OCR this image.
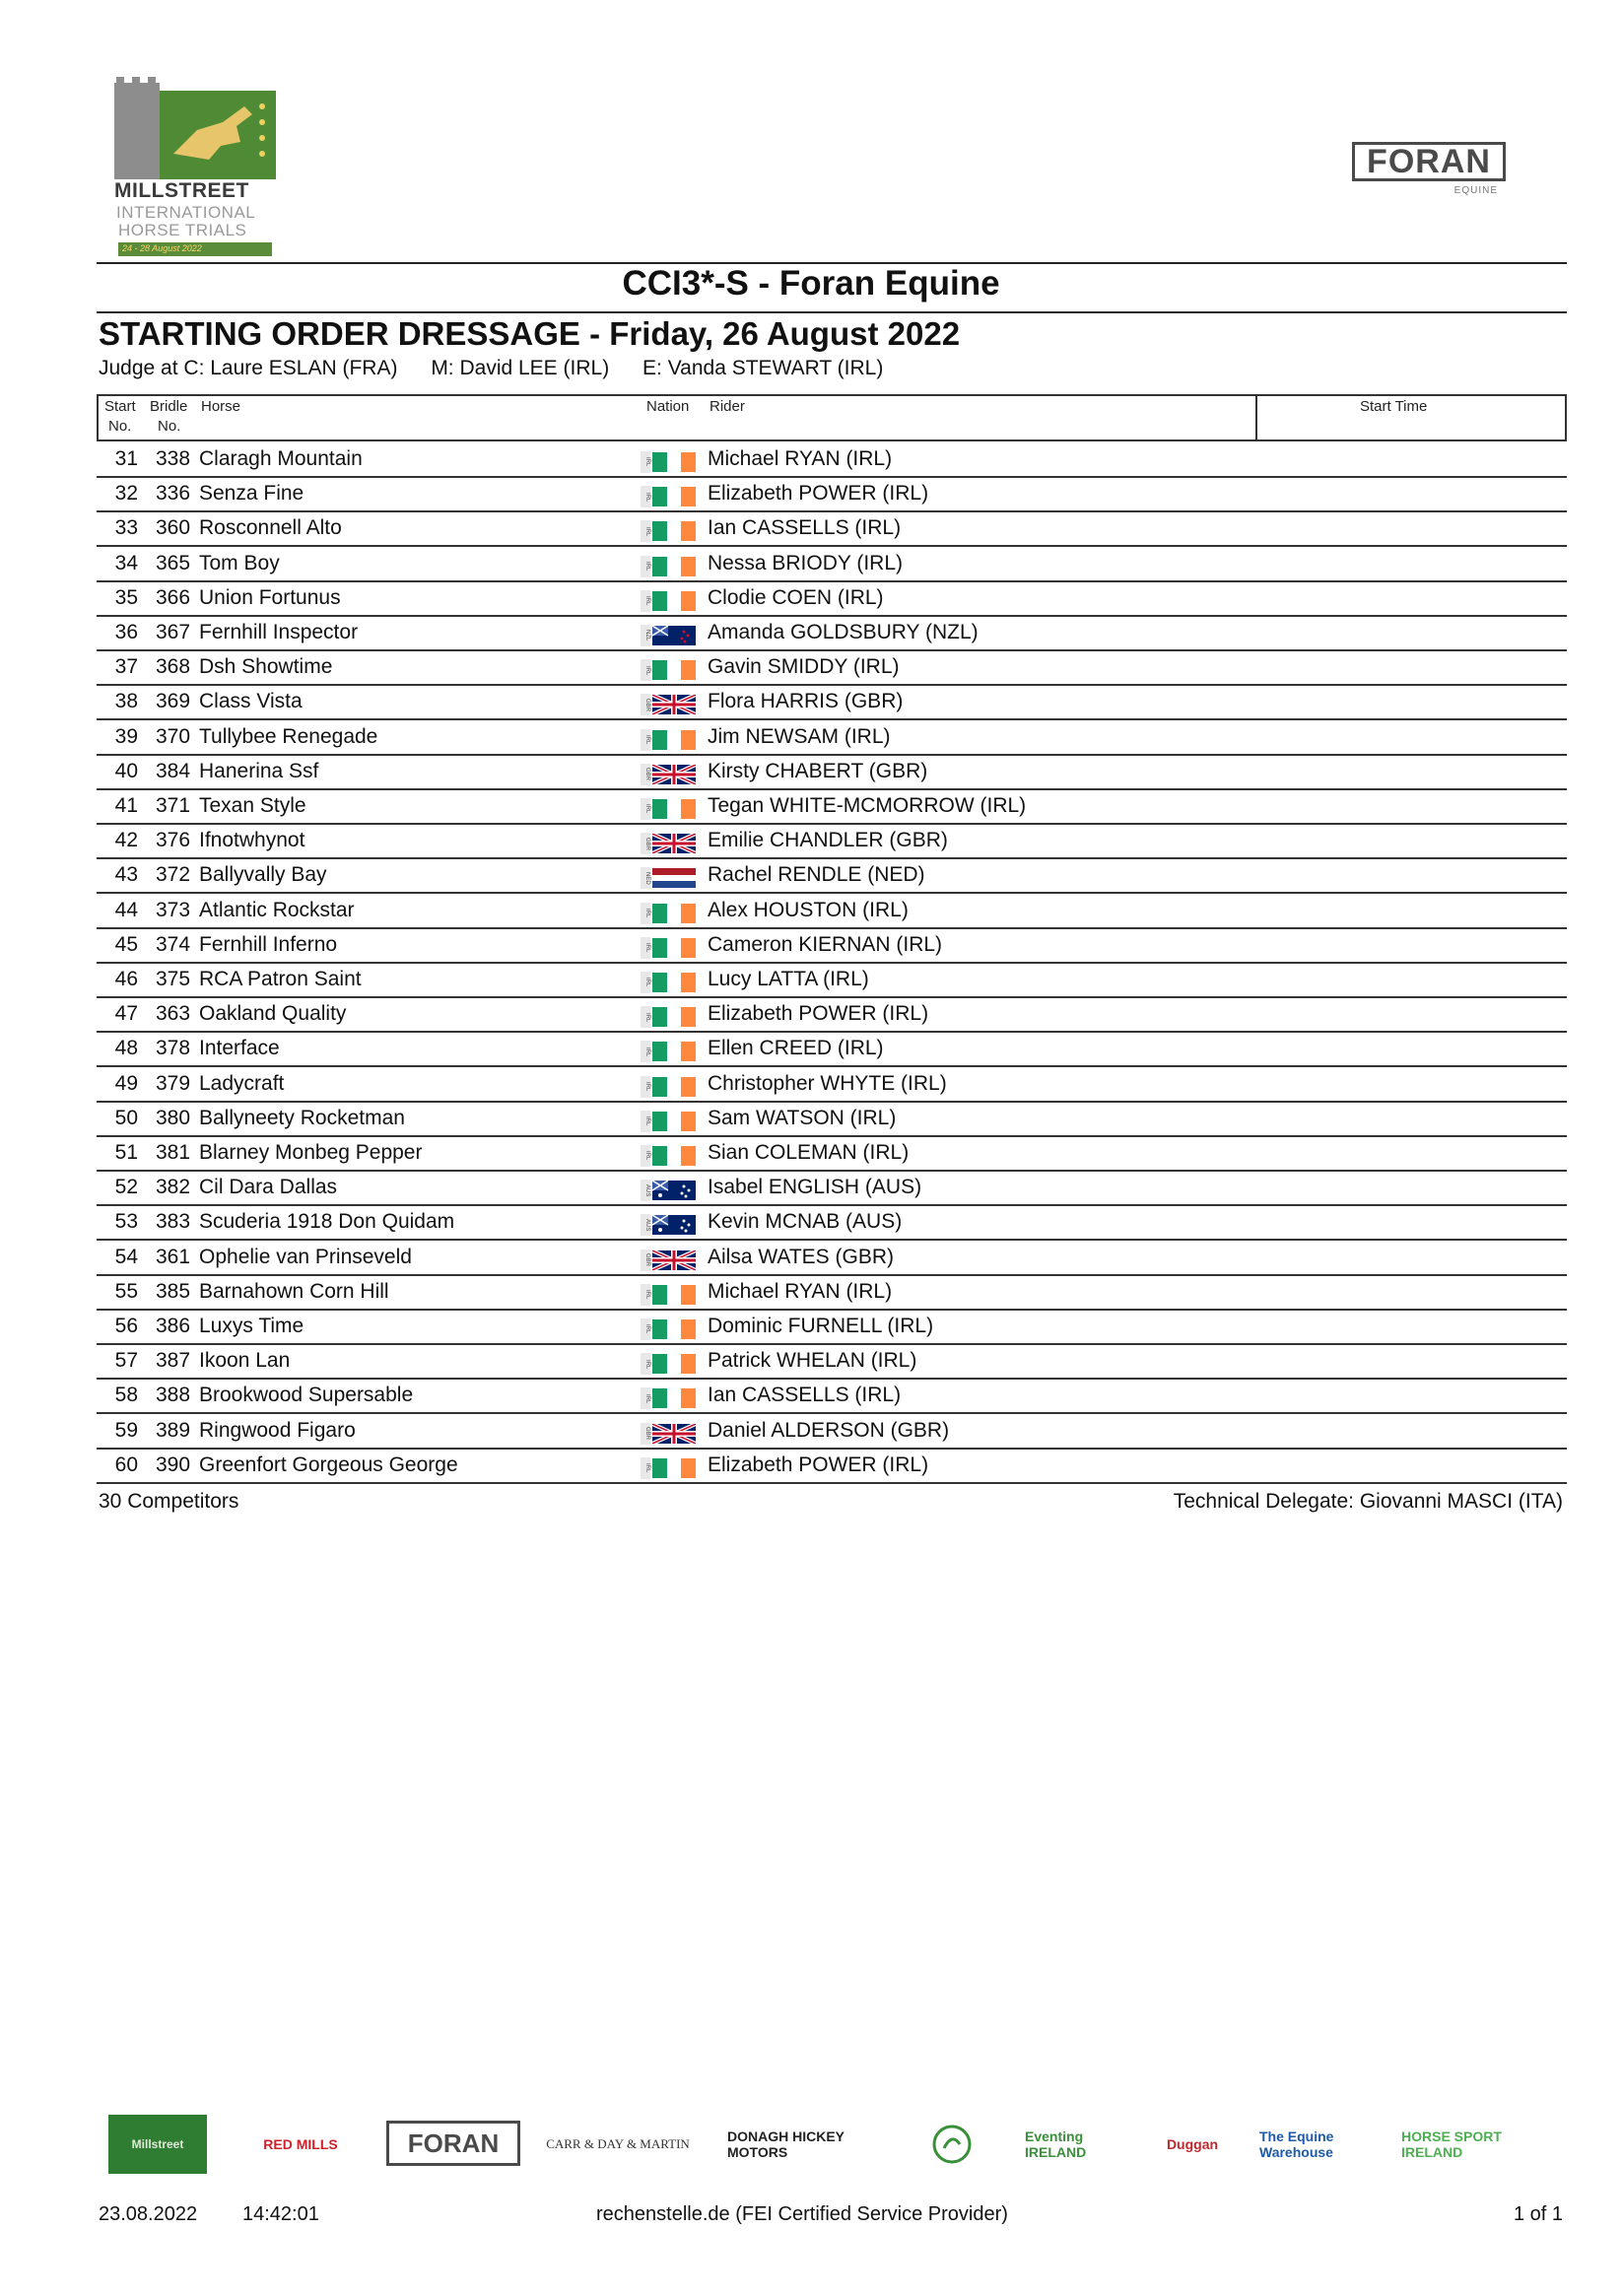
MILLSTREET
INTERNATIONAL
HORSE TRIALS
24 - 28 August 2022
FORAN
EQUINE
CCI3*-S - Foran Equine
STARTING ORDER DRESSAGE - Friday, 26 August 2022
Judge at C: Laure ESLAN (FRA) M: David LEE (IRL) E: Vanda STEWART (IRL)
Start
No.
Bridle
No.
Horse	Nation Rider	Start Time
31 338 Claragh Mountain	IRL	Michael RYAN (IRL)
32 336 Senza Fine	IRL	Elizabeth POWER (IRL)
33 360 Rosconnell Alto	IRL	Ian CASSELLS (IRL)
34 365 Tom Boy	IRL	Nessa BRIODY (IRL)
35 366 Union Fortunus	IRL	Clodie COEN (IRL)
36 367 Fernhill Inspector	NZL	Amanda GOLDSBURY (NZL)
37 368 Dsh Showtime	IRL	Gavin SMIDDY (IRL)
38 369 Class Vista	GBR	Flora HARRIS (GBR)
39 370 Tullybee Renegade	IRL	Jim NEWSAM (IRL)
40 384 Hanerina Ssf	GBR	Kirsty CHABERT (GBR)
41 371 Texan Style	IRL	Tegan WHITE-MCMORROW (IRL)
42 376 Ifnotwhynot	GBR	Emilie CHANDLER (GBR)
43 372 Ballyvally Bay	NED	Rachel RENDLE (NED)
44 373 Atlantic Rockstar	IRL	Alex HOUSTON (IRL)
45 374 Fernhill Inferno	IRL	Cameron KIERNAN (IRL)
46 375 RCA Patron Saint	IRL	Lucy LATTA (IRL)
47 363 Oakland Quality	IRL	Elizabeth POWER (IRL)
48 378 Interface	IRL	Ellen CREED (IRL)
49 379 Ladycraft	IRL	Christopher WHYTE (IRL)
50 380 Ballyneety Rocketman	IRL	Sam WATSON (IRL)
51 381 Blarney Monbeg Pepper	IRL	Sian COLEMAN (IRL)
52 382 Cil Dara Dallas	AUS	Isabel ENGLISH (AUS)
53 383 Scuderia 1918 Don Quidam	AUS	Kevin MCNAB (AUS)
54 361 Ophelie van Prinseveld	GBR	Ailsa WATES (GBR)
55 385 Barnahown Corn Hill	IRL	Michael RYAN (IRL)
56 386 Luxys Time	IRL	Dominic FURNELL (IRL)
57 387 Ikoon Lan	IRL	Patrick WHELAN (IRL)
58 388 Brookwood Supersable	IRL	Ian CASSELLS (IRL)
59 389 Ringwood Figaro	GBR	Daniel ALDERSON (GBR)
60 390 Greenfort Gorgeous George	IRL	Elizabeth POWER (IRL)
30 Competitors	Technical Delegate: Giovanni MASCI (ITA)
Millstreet	RED MILLS	FORAN	CARR & DAY & MARTIN	DONAGH HICKEY MOTORS
Eventing IRELAND	Duggan	The Equine Warehouse
HORSE SPORT IRELAND
23.08.2022 14:42:01	rechenstelle.de (FEI Certified Service Provider)	1 of 1
